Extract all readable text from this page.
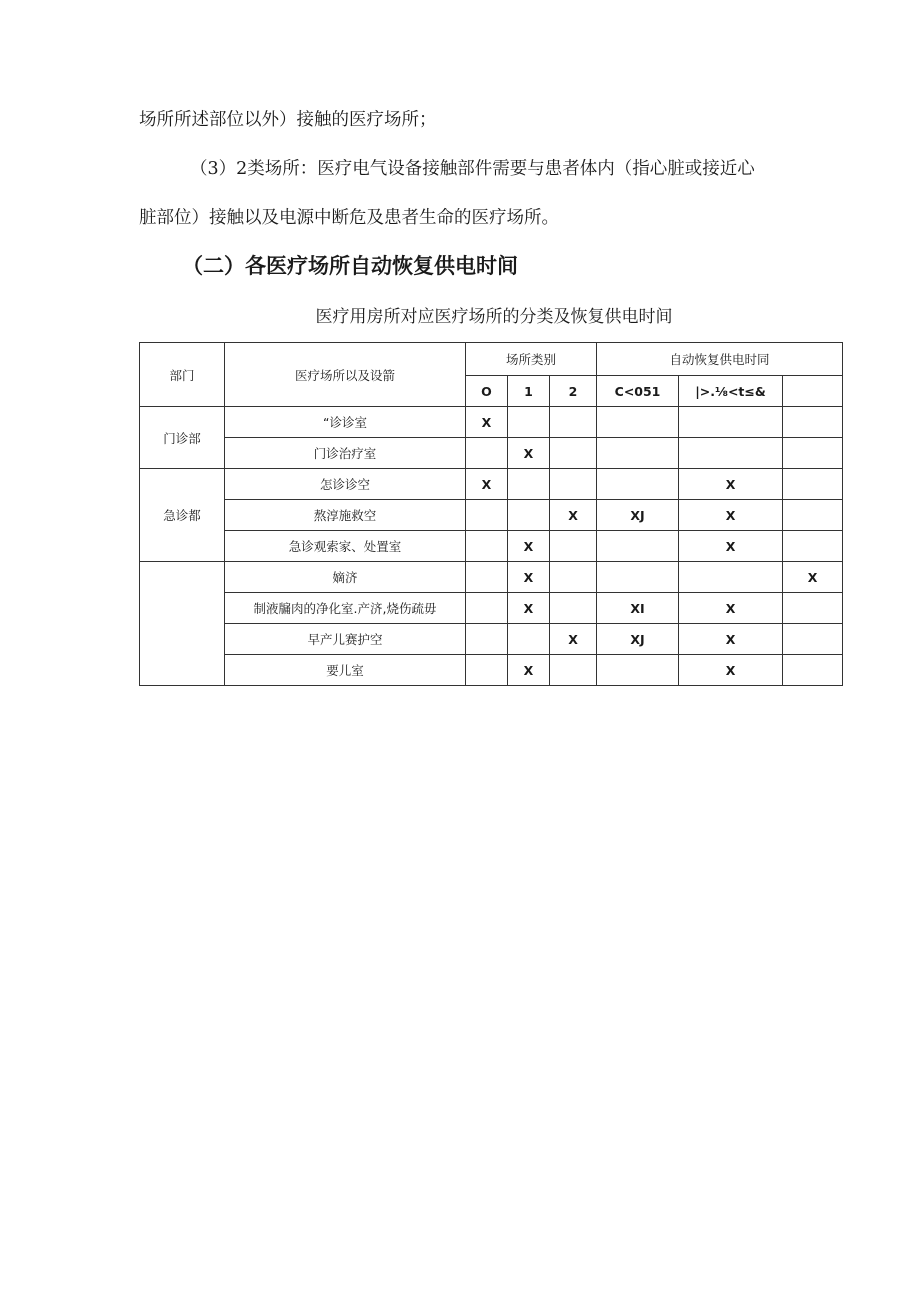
场所所述部位以外）接触的医疗场所；

（3）2类场所：医疗电气设备接触部件需要与患者体内（指心脏或接近心

脏部位）接触以及电源中断危及患者生命的医疗场所。

（二）各医疗场所自动恢复供电时间

医疗用房所对应医疗场所的分类及恢复供电时间

部门	医疗场所以及设箭	场所类别			自动恢复供电时同		
		O	1	2	C<051	|>.⅛<t≤&	
门诊部	“诊诊室	X					
	门诊治疗室		X				
急诊都	怎诊诊空	X				X	
	熬淳施救空			X	XJ	X	
	急诊观索家、处置室		X			X	
	嫡济		X				X
	制液牖肉的净化室.产济,烧伤疏毋		X		XI	X	
	早产儿赛护空			X	XJ	X	
	要儿室		X			X	
